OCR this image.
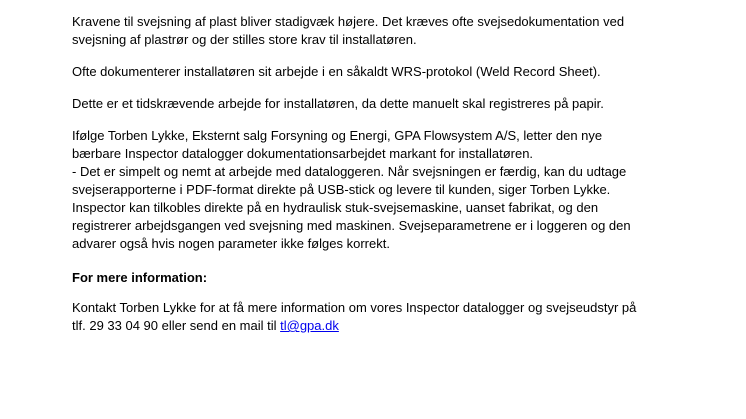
Kravene til svejsning af plast bliver stadigvæk højere. Det kræves ofte svejsedokumentation ved
svejsning af plastrør og der stilles store krav til installatøren.

Ofte dokumenterer installatøren sit arbejde i en såkaldt WRS-protokol (Weld Record Sheet).

Dette er et tidskrævende arbejde for installatøren, da dette manuelt skal registreres på papir.

Ifølge Torben Lykke, Eksternt salg Forsyning og Energi, GPA Flowsystem A/S, letter den nye
bærbare Inspector datalogger dokumentationsarbejdet markant for installatøren.
- Det er simpelt og nemt at arbejde med dataloggeren. Når svejsningen er færdig, kan du udtage
svejserapporterne i PDF-format direkte på USB-stick og levere til kunden, siger Torben Lykke.
Inspector kan tilkobles direkte på en hydraulisk stuk-svejsemaskine, uanset fabrikat, og den
registrerer arbejdsgangen ved svejsning med maskinen. Svejseparametrene er i loggeren og den
advarer også hvis nogen parameter ikke følges korrekt.

For mere information:

Kontakt Torben Lykke for at få mere information om vores Inspector datalogger og svejseudstyr på
tlf. 29 33 04 90 eller send en mail til tl@gpa.dk
